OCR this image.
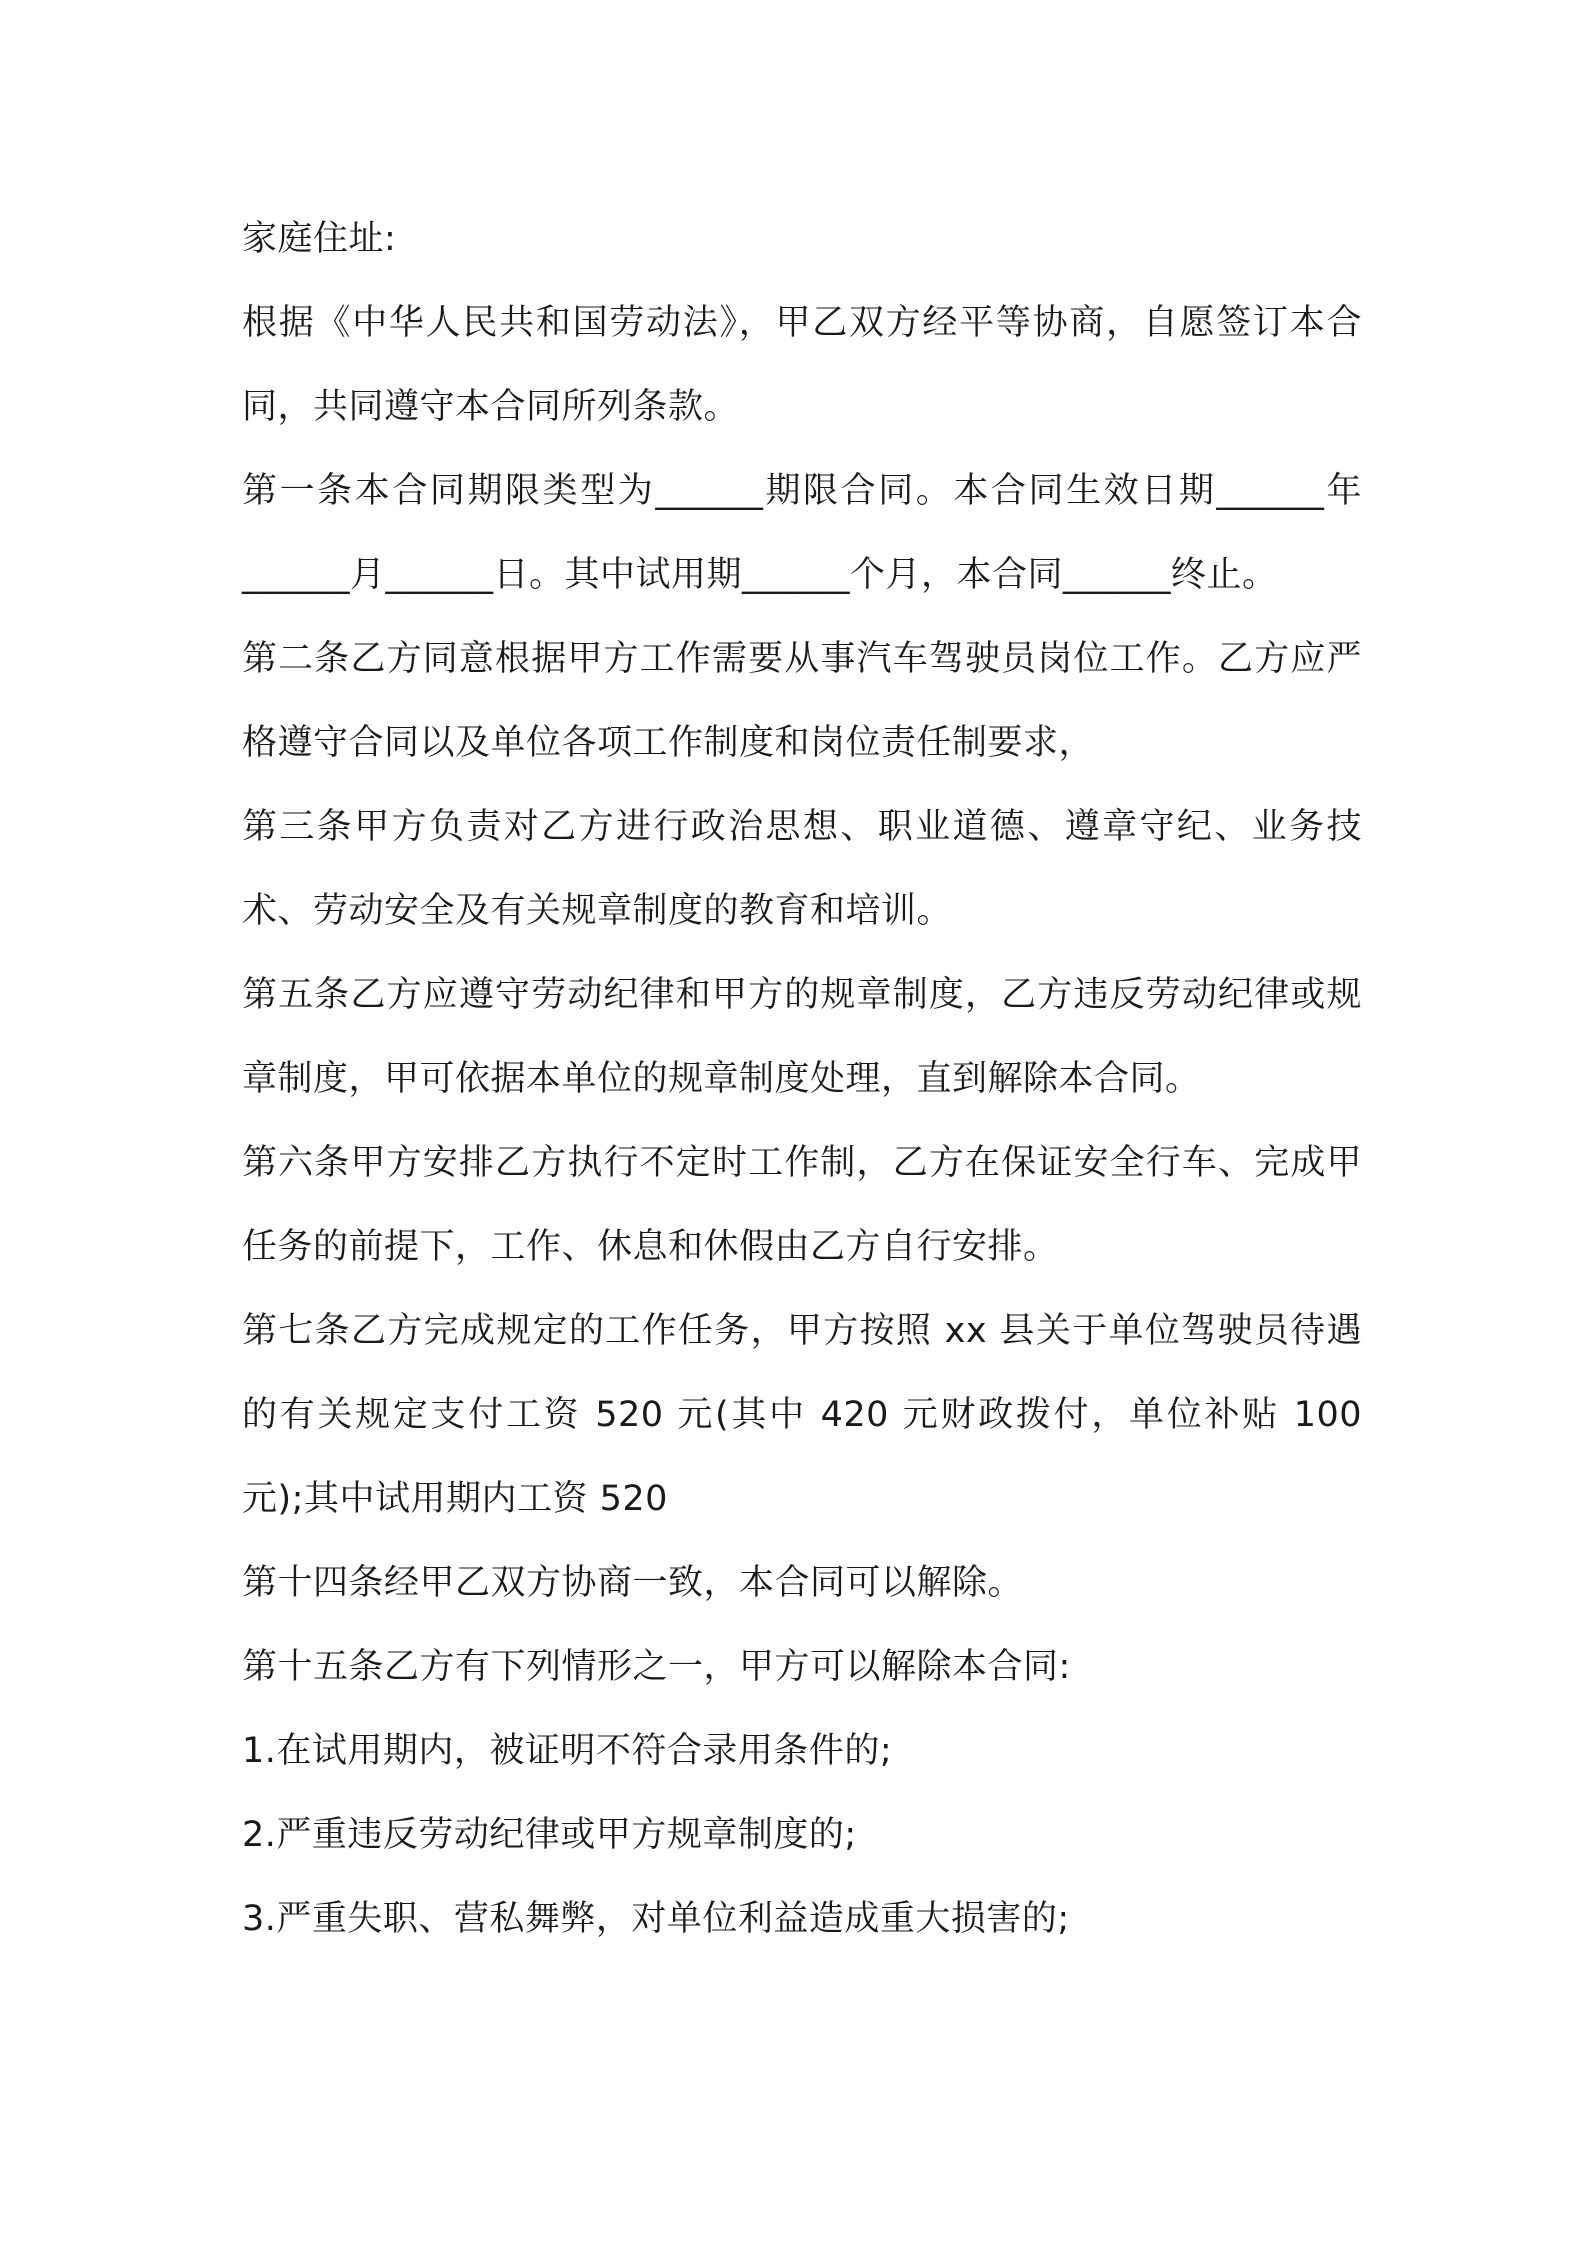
家庭住址:

根据《中华人民共和国劳动法》，甲乙双方经平等协商，自愿签订本合同，共同遵守本合同所列条款。

第一条本合同期限类型为______期限合同。本合同生效日期______年______月______日。其中试用期______个月，本合同______终止。

第二条乙方同意根据甲方工作需要从事汽车驾驶员岗位工作。乙方应严格遵守合同以及单位各项工作制度和岗位责任制要求，

第三条甲方负责对乙方进行政治思想、职业道德、遵章守纪、业务技术、劳动安全及有关规章制度的教育和培训。

第五条乙方应遵守劳动纪律和甲方的规章制度，乙方违反劳动纪律或规章制度，甲可依据本单位的规章制度处理，直到解除本合同。

第六条甲方安排乙方执行不定时工作制，乙方在保证安全行车、完成甲任务的前提下，工作、休息和休假由乙方自行安排。

第七条乙方完成规定的工作任务，甲方按照 xx 县关于单位驾驶员待遇的有关规定支付工资 520 元(其中 420 元财政拨付，单位补贴 100元);其中试用期内工资 520

第十四条经甲乙双方协商一致，本合同可以解除。

第十五条乙方有下列情形之一，甲方可以解除本合同:

1.在试用期内，被证明不符合录用条件的;

2.严重违反劳动纪律或甲方规章制度的;

3.严重失职、营私舞弊，对单位利益造成重大损害的;
